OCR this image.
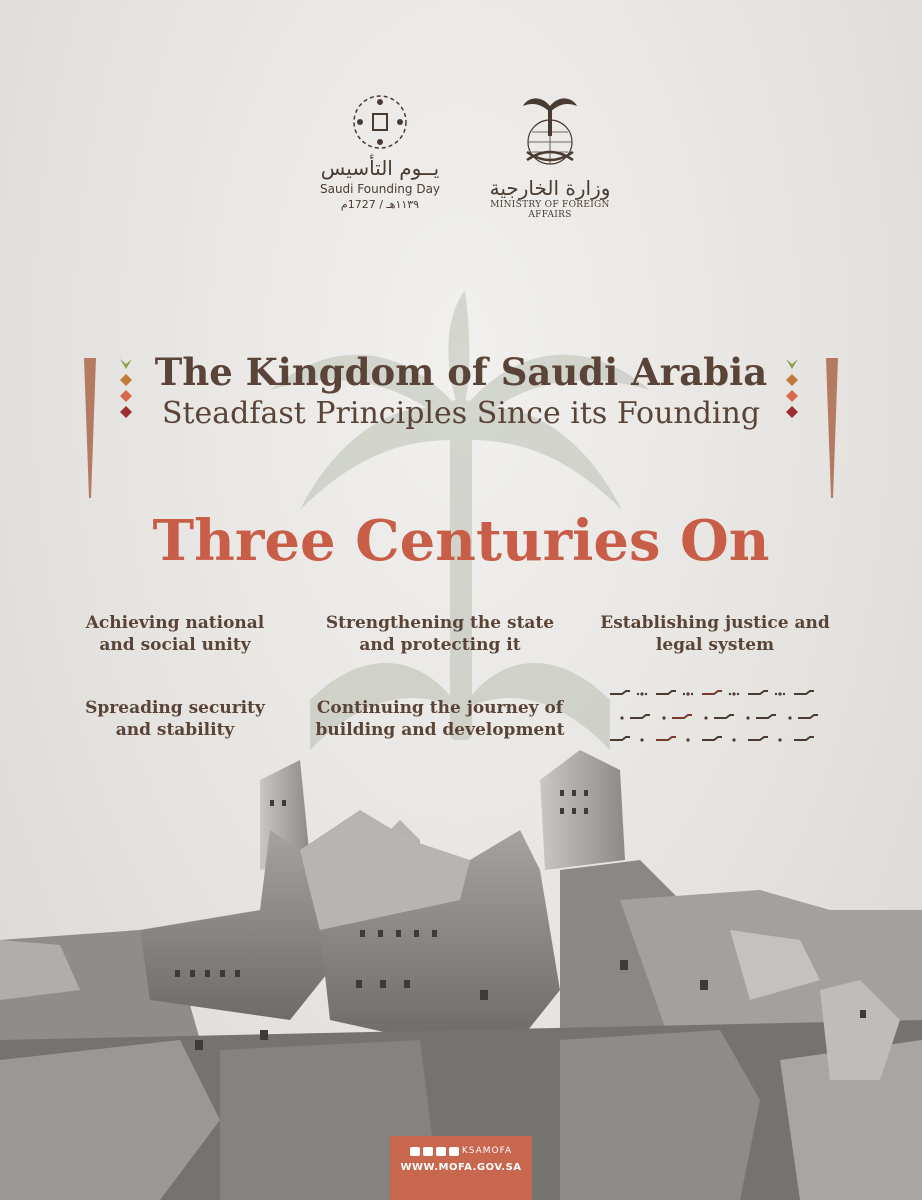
يــوم التأسيس
Saudi Founding Day
١١٣٩هـ / 1727م
وزارة الخارجية
MINISTRY OF FOREIGN AFFAIRS
The Kingdom of Saudi Arabia
Steadfast Principles Since its Founding
Three Centuries On
Achieving national
and social unity
Strengthening the state
and protecting it
Establishing justice and
legal system
Spreading security
and stability
Continuing the journey of
building and development
KSAMOFA
WWW.MOFA.GOV.SA
